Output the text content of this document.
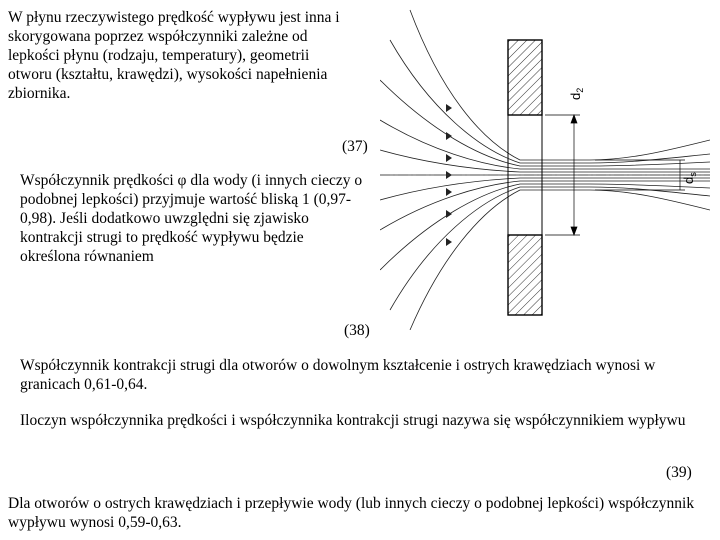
W płynu rzeczywistego prędkość wypływu jest inna i skorygowana poprzez współczynniki zależne od lepkości płynu (rodzaju, temperatury), geometrii otworu (kształtu, krawędzi), wysokości napełnienia zbiornika.

(37)

Współczynnik prędkości φ dla wody (i innych cieczy o podobnej lepkości) przyjmuje wartość bliską 1 (0,97-0,98). Jeśli dodatkowo uwzględni się zjawisko kontrakcji strugi to prędkość wypływu będzie określona równaniem

(38)

Współczynnik kontrakcji strugi dla otworów o dowolnym kształcenie i ostrych krawędziach wynosi w granicach 0,61-0,64.

Iloczyn współczynnika prędkości i współczynnika kontrakcji strugi nazywa się współczynnikiem wypływu

(39)

Dla otworów o ostrych krawędziach i przepływie wody (lub innych cieczy o podobnej lepkości) współczynnik wypływu wynosi 0,59-0,63.

$d_2$
$d_s$
